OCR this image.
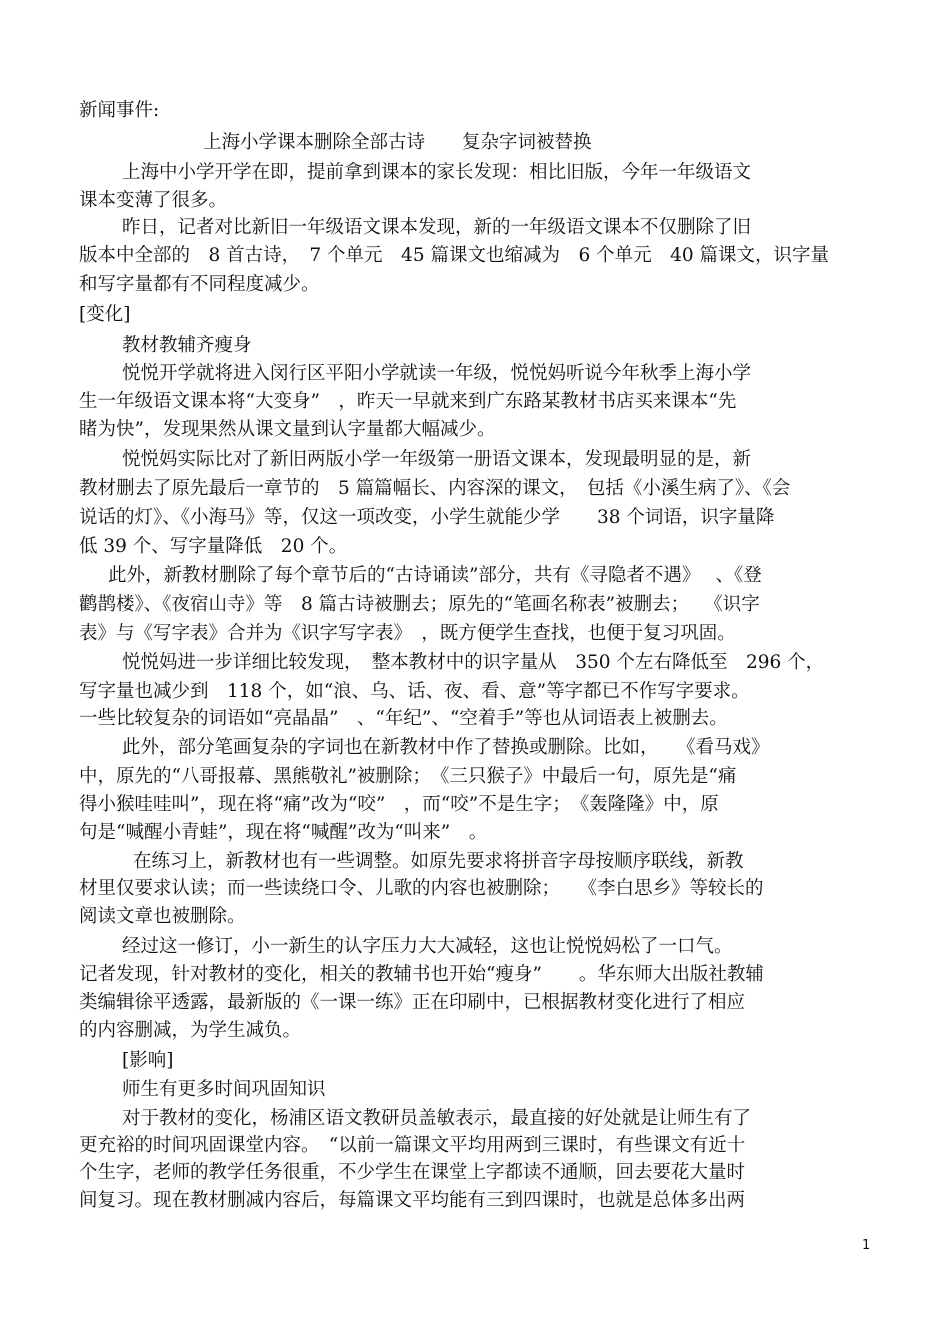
新闻事件:
上海小学课本删除全部古诗　　复杂字词被替换
上海中小学开学在即，提前拿到课本的家长发现：相比旧版，今年一年级语文
课本变薄了很多。
昨日，记者对比新旧一年级语文课本发现，新的一年级语文课本不仅删除了旧
版本中全部的　8 首古诗，　7 个单元　45 篇课文也缩减为　6 个单元　40 篇课文，识字量
和写字量都有不同程度减少。
[变化]
教材教辅齐瘦身
悦悦开学就将进入闵行区平阳小学就读一年级，悦悦妈听说今年秋季上海小学
生一年级语文课本将“大变身”　，昨天一早就来到广东路某教材书店买来课本“先
睹为快”，发现果然从课文量到认字量都大幅减少。
悦悦妈实际比对了新旧两版小学一年级第一册语文课本，发现最明显的是，新
教材删去了原先最后一章节的　5 篇篇幅长、内容深的课文，　包括《小溪生病了》、《会
说话的灯》、《小海马》等，仅这一项改变，小学生就能少学　　38 个词语，识字量降
低 39 个、写字量降低　20 个。
此外，新教材删除了每个章节后的“古诗诵读”部分，共有《寻隐者不遇》　 、《登
鹳鹊楼》、《夜宿山寺》等　8 篇古诗被删去；原先的“笔画名称表”被删去；　 《识字
表》与《写字表》合并为《识字写字表》　，既方便学生查找，也便于复习巩固。
悦悦妈进一步详细比较发现，　整本教材中的识字量从　350 个左右降低至　296 个，
写字量也减少到　118 个，如“浪、乌、话、夜、看、意”等字都已不作写字要求。
一些比较复杂的词语如“亮晶晶”　、“年纪”、“空着手”等也从词语表上被删去。
此外，部分笔画复杂的字词也在新教材中作了替换或删除。比如，　　《看马戏》
中，原先的“八哥报幕、黑熊敬礼”被删除；　《三只猴子》中最后一句，原先是“痛
得小猴哇哇叫”，现在将“痛”改为“咬”　，而“咬”不是生字；　《轰隆隆》中，原
句是“喊醒小青蛙”，现在将“喊醒”改为“叫来”　。
在练习上，新教材也有一些调整。如原先要求将拼音字母按顺序联线，新教
材里仅要求认读；而一些读绕口令、儿歌的内容也被删除；　　《李白思乡》等较长的
阅读文章也被删除。
经过这一修订，小一新生的认字压力大大减轻，这也让悦悦妈松了一口气。
记者发现，针对教材的变化，相关的教辅书也开始“瘦身”　　。华东师大出版社教辅
类编辑徐平透露，最新版的《一课一练》正在印刷中，已根据教材变化进行了相应
的内容删减，为学生减负。
[影响]
师生有更多时间巩固知识
对于教材的变化，杨浦区语文教研员盖敏表示，最直接的好处就是让师生有了
更充裕的时间巩固课堂内容。　“以前一篇课文平均用两到三课时，有些课文有近十
个生字，老师的教学任务很重，不少学生在课堂上字都读不通顺，回去要花大量时
间复习。现在教材删减内容后，每篇课文平均能有三到四课时，也就是总体多出两
1
